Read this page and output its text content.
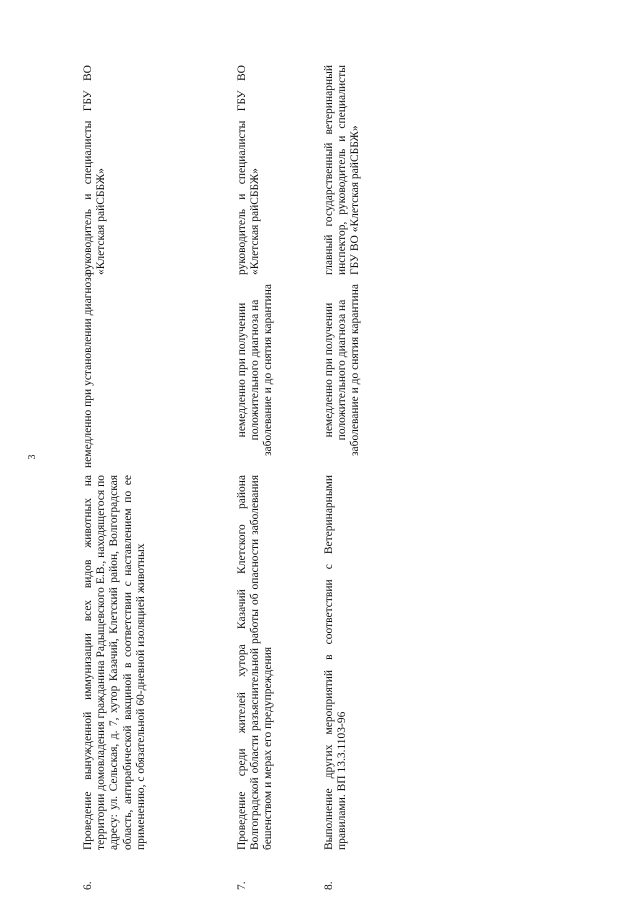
3
6.
Проведение вынужденной иммунизации всех видов животных на территории домовладения гражданина Радыщевского Е.В., находящегося по адресу: ул. Сельская, д. 7, хутор Казачий, Клетский район, Волгоградская область, антирабической вакциной в соответствии с наставлением по ее применению, с обязательной 60-дневной изоляцией животных
немедленно при установлении диагноза
руководитель и специалисты ГБУ ВО «Клетская райСББЖ»
7.
Проведение среди жителей хутора Казачий Клетского района Волгоградской области разъяснительной работы об опасности заболевания бешенством и мерах его предупреждения
немедленно при получении положительного диагноза на заболевание и до снятия карантина
руководитель и специалисты ГБУ ВО «Клетская райСББЖ»
8.
Выполнение других мероприятий в соответствии с Ветеринарными правилами. ВП 13.3.1103-96
немедленно при получении положительного диагноза на заболевание и до снятия карантина
главный государственный ветеринарный инспектор, руководитель и специалисты ГБУ ВО «Клетская райСББЖ»
